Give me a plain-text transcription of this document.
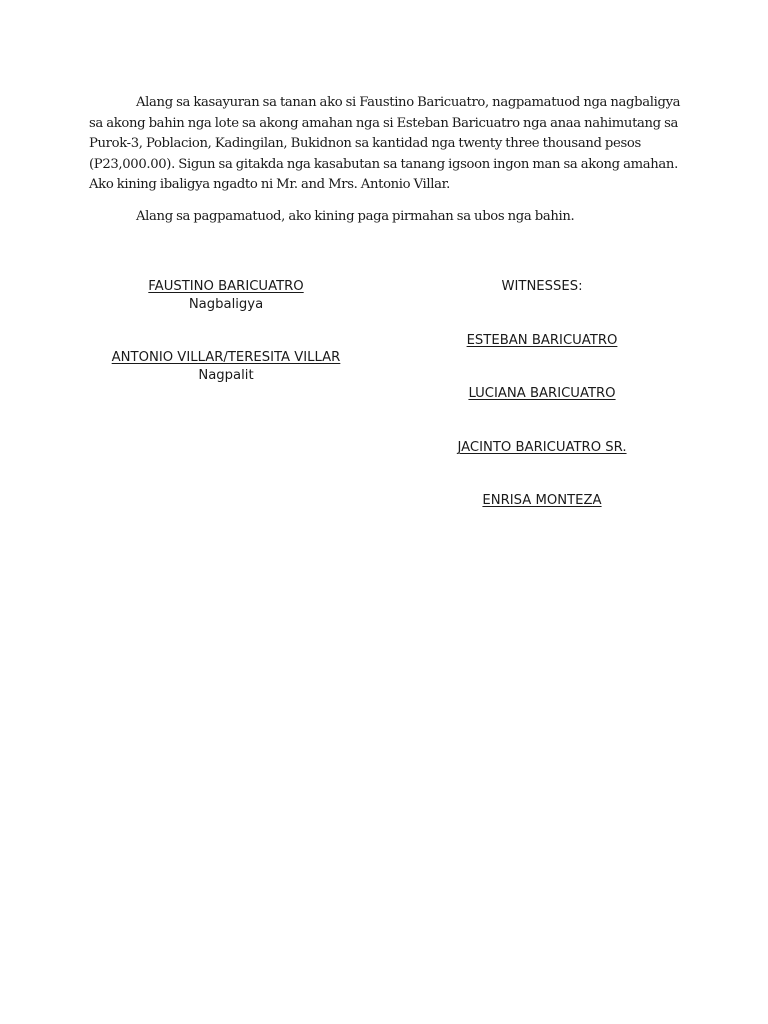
Alang sa kasayuran sa tanan ako si Faustino Baricuatro, nagpamatuod nga nagbaligya sa akong bahin nga lote sa akong amahan nga si Esteban Baricuatro nga anaa nahimutang sa Purok-3, Poblacion, Kadingilan, Bukidnon sa kantidad nga twenty three thousand pesos (P23,000.00). Sigun sa gitakda nga kasabutan sa tanang igsoon ingon man sa akong amahan. Ako kining ibaligya ngadto ni Mr. and Mrs. Antonio Villar.

Alang sa pagpamatuod, ako kining paga pirmahan sa ubos nga bahin.

FAUSTINO BARICUATRO
Nagbaligya
ANTONIO VILLAR/TERESITA VILLAR
Nagpalit
WITNESSES:
ESTEBAN BARICUATRO
LUCIANA BARICUATRO
JACINTO BARICUATRO SR.
ENRISA MONTEZA
